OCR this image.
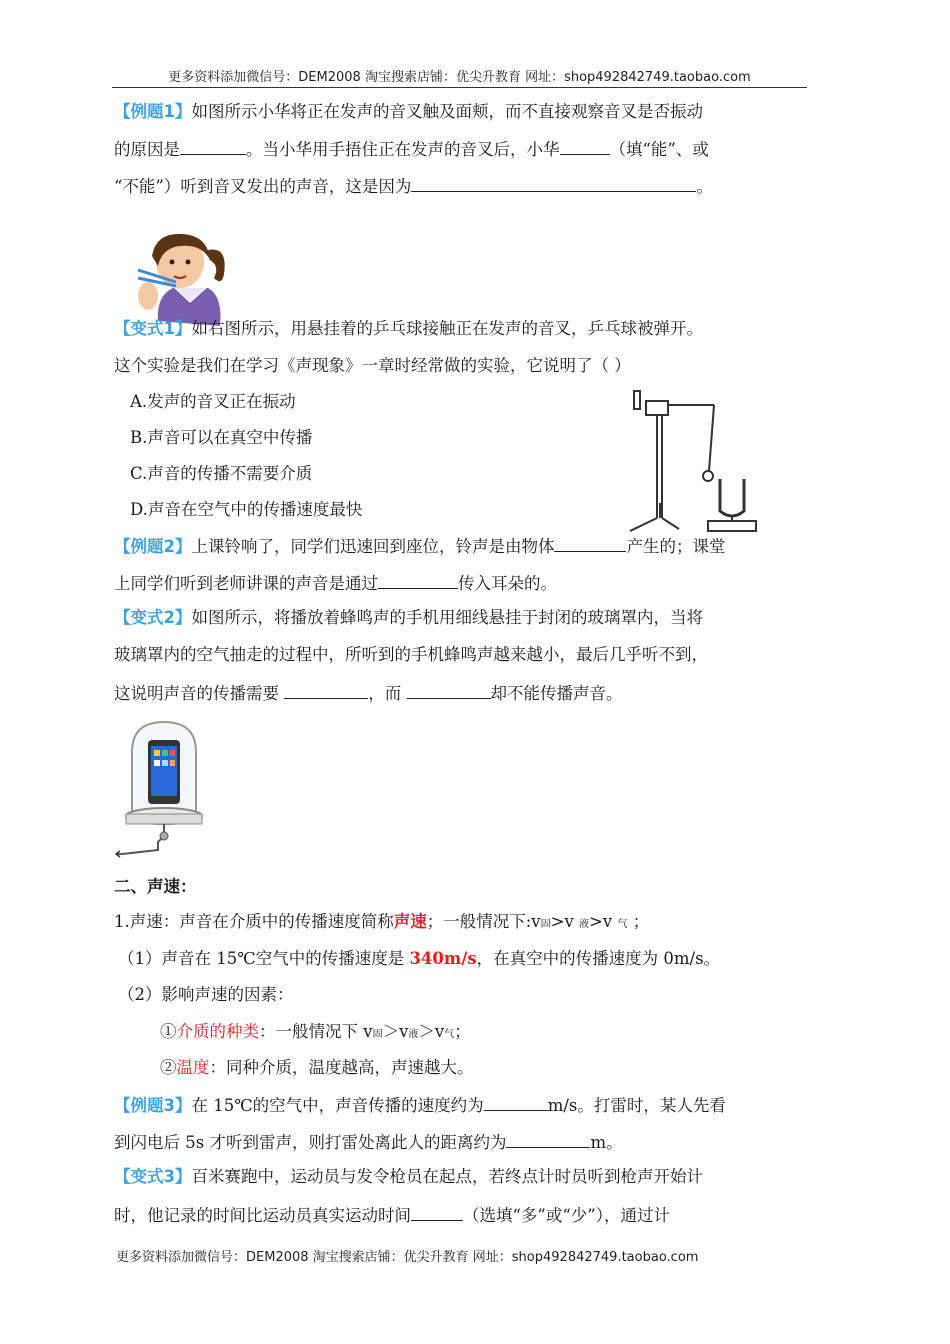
更多资料添加微信号：DEM2008 淘宝搜索店铺：优尖升教育 网址：shop492842749.taobao.com
【例题1】如图所示小华将正在发声的音叉触及面颊，而不直接观察音叉是否振动
的原因是	。当小华用手捂住正在发声的音叉后，小华	（填“能”、或
“不能”）听到音叉发出的声音，这是因为	。
【变式1】如右图所示，用悬挂着的乒乓球接触正在发声的音叉，乒乓球被弹开。
这个实验是我们在学习《声现象》一章时经常做的实验，它说明了（ ）
A.发声的音叉正在振动
B.声音可以在真空中传播
C.声音的传播不需要介质
D.声音在空气中的传播速度最快
【例题2】上课铃响了，同学们迅速回到座位，铃声是由物体	产生的；课堂
上同学们听到老师讲课的声音是通过	传入耳朵的。
【变式2】如图所示，将播放着蜂鸣声的手机用细线悬挂于封闭的玻璃罩内，当将
玻璃罩内的空气抽走的过程中，所听到的手机蜂鸣声越来越小，最后几乎听不到，
这说明声音的传播需要	，而	却不能传播声音。
二、声速：
1.声速：声音在介质中的传播速度简称声速；一般情况下:v固>v 液>v 气 ；
（1）声音在 15℃空气中的传播速度是 340m/s，在真空中的传播速度为 0m/s。
（2）影响声速的因素：
①介质的种类：一般情况下 v固＞v液＞v气；
②温度：同种介质，温度越高，声速越大。
【例题3】在 15℃的空气中，声音传播的速度约为	m/s。打雷时，某人先看
到闪电后 5s 才听到雷声，则打雷处离此人的距离约为	m。
【变式3】百米赛跑中，运动员与发令枪员在起点，若终点计时员听到枪声开始计
时，他记录的时间比运动员真实运动时间	（选填“多”或“少”），通过计
更多资料添加微信号：DEM2008 淘宝搜索店铺：优尖升教育 网址：shop492842749.taobao.com
